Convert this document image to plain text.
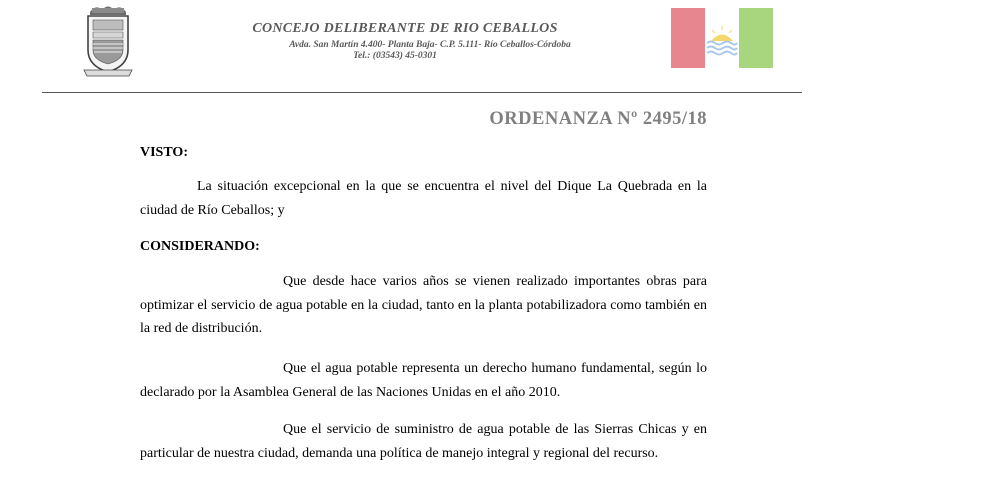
CONCEJO DELIBERANTE DE RIO CEBALLOS
Avda. San Martín 4.400- Planta Baja- C.P. 5.111- Río Ceballos-Córdoba
Tel.: (03543) 45-0301
ORDENANZA Nº 2495/18
VISTO:
La situación excepcional en la que se encuentra el nivel del Dique La Quebrada en la ciudad de Río Ceballos; y
CONSIDERANDO:
Que desde hace varios años se vienen realizado importantes obras para optimizar el servicio de agua potable en la ciudad, tanto en la planta potabilizadora como también en la red de distribución.
Que el agua potable representa un derecho humano fundamental, según lo declarado por la Asamblea General de las Naciones Unidas en el año 2010.
Que el servicio de suministro de agua potable de las Sierras Chicas y en particular de nuestra ciudad, demanda una política de manejo integral y regional del recurso.
